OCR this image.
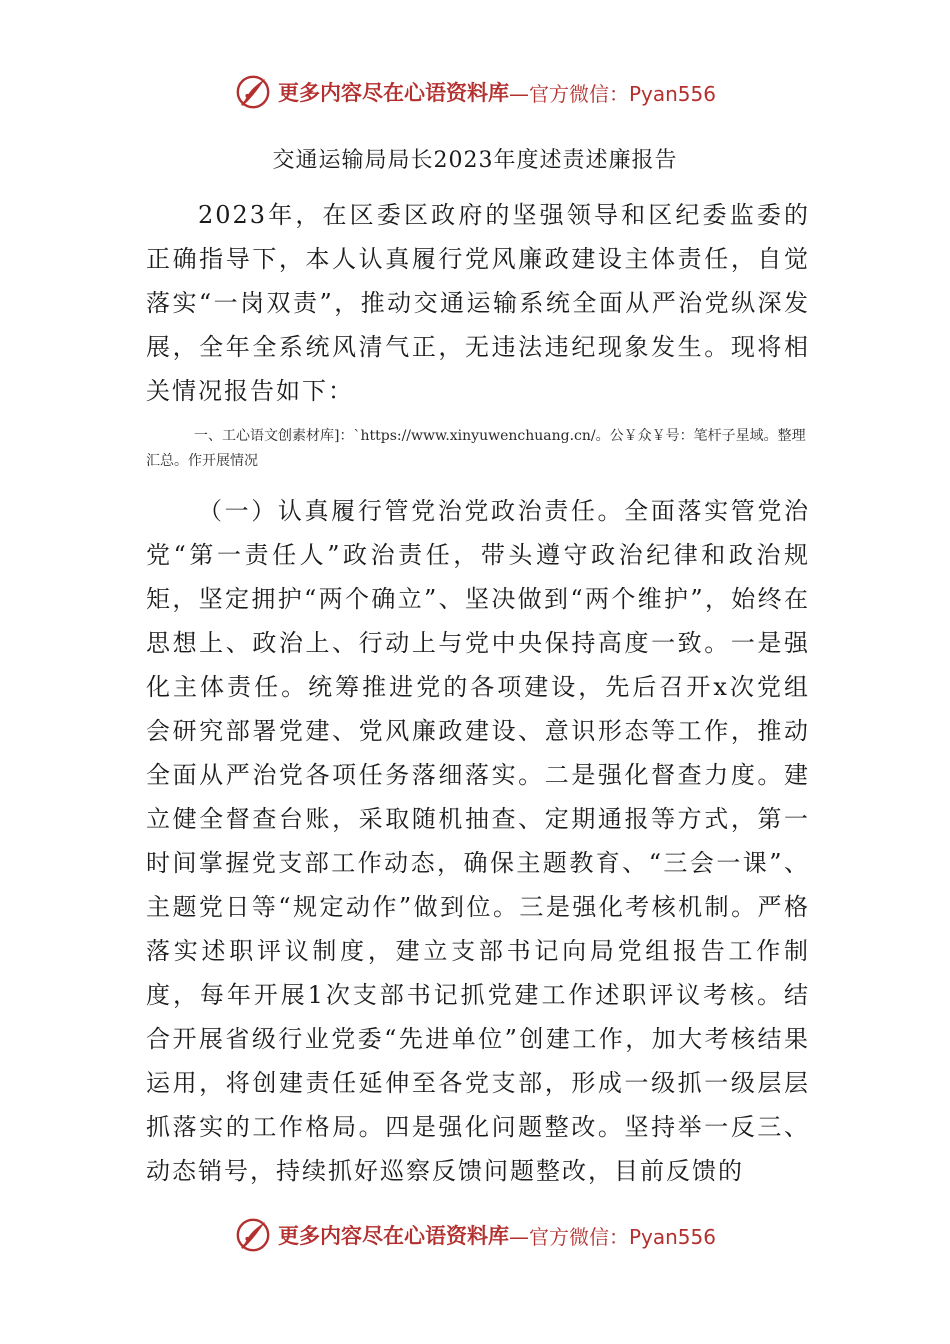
更多内容尽在心语资料库 —官方微信：Pyan556
交通运输局局长2023年度述责述廉报告
2023年，在区委区政府的坚强领导和区纪委监委的正确指导下，本人认真履行党风廉政建设主体责任，自觉落实“一岗双责”，推动交通运输系统全面从严治党纵深发展，全年全系统风清气正，无违法违纪现象发生。现将相关情况报告如下：
一、工心语文创素材库]：`https://www.xinyuwenchuang.cn/。公￥众￥号：笔杆子星域。整理汇总。作开展情况
（一）认真履行管党治党政治责任。全面落实管党治党“第一责任人”政治责任，带头遵守政治纪律和政治规矩，坚定拥护“两个确立”、坚决做到“两个维护”，始终在思想上、政治上、行动上与党中央保持高度一致。一是强化主体责任。统筹推进党的各项建设，先后召开x次党组会研究部署党建、党风廉政建设、意识形态等工作，推动全面从严治党各项任务落细落实。二是强化督查力度。建立健全督查台账，采取随机抽查、定期通报等方式，第一时间掌握党支部工作动态，确保主题教育、“三会一课”、主题党日等“规定动作”做到位。三是强化考核机制。严格落实述职评议制度，建立支部书记向局党组报告工作制度，每年开展1次支部书记抓党建工作述职评议考核。结合开展省级行业党委“先进单位”创建工作，加大考核结果运用，将创建责任延伸至各党支部，形成一级抓一级层层抓落实的工作格局。四是强化问题整改。坚持举一反三、动态销号，持续抓好巡察反馈问题整改，目前反馈的
更多内容尽在心语资料库 —官方微信：Pyan556
